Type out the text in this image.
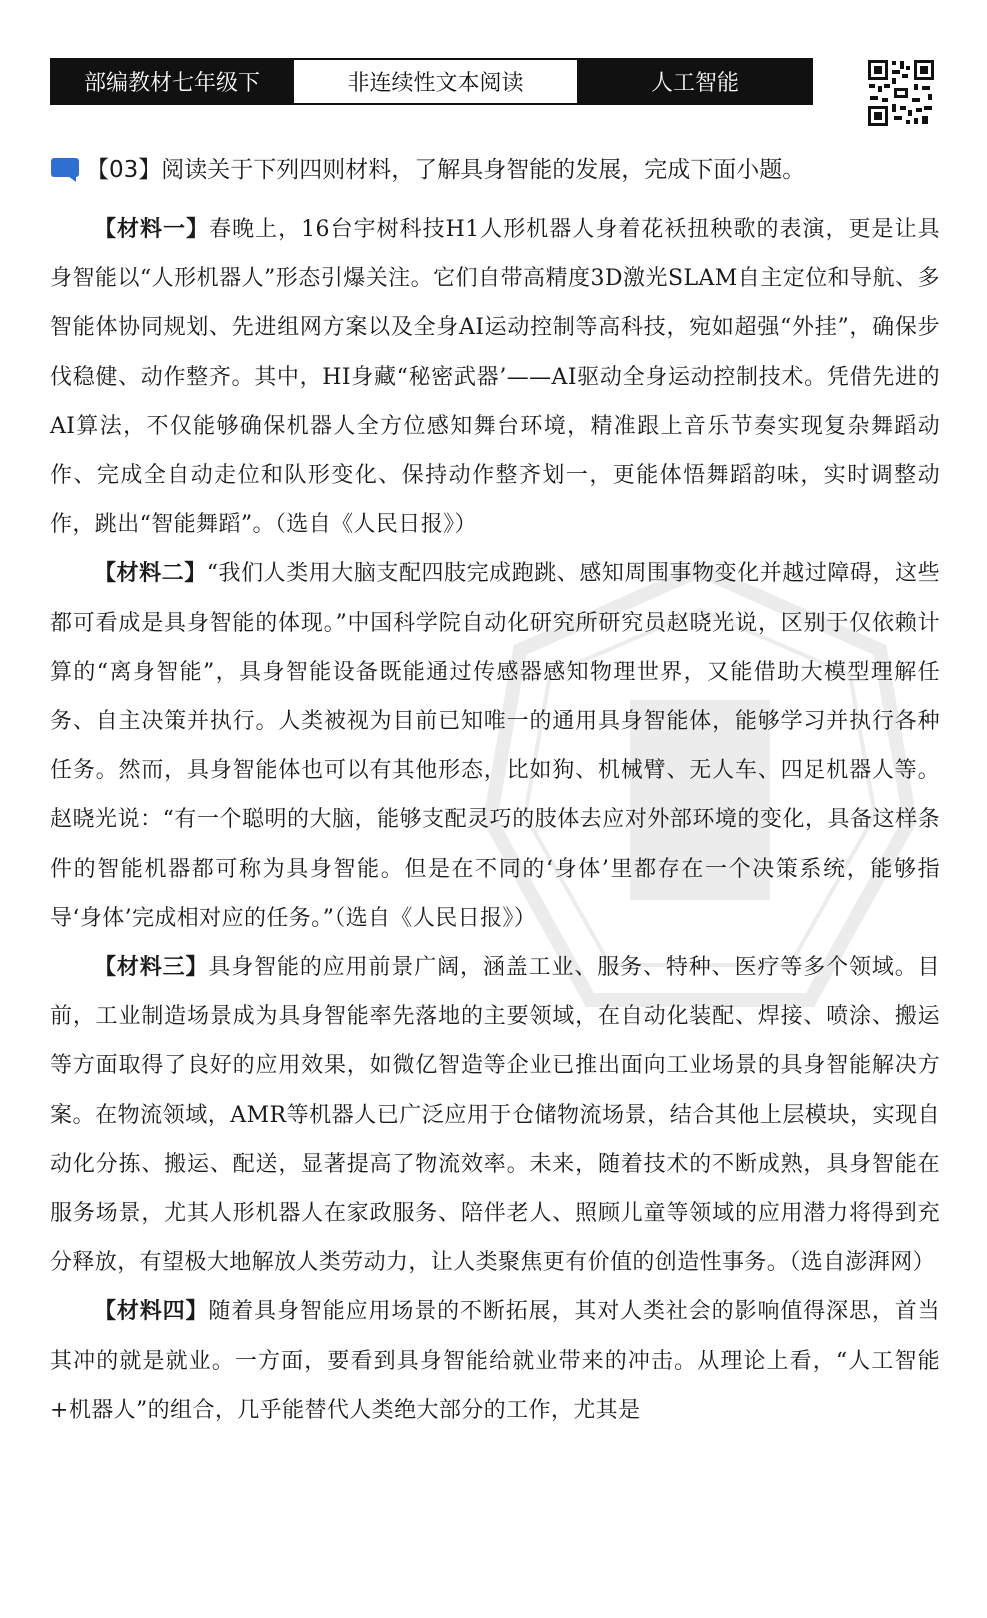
部编教材七年级下	非连续性文本阅读	人工智能
【03】 阅读关于下列四则材料，了解具身智能的发展，完成下面小题。

【材料一】春晚上，16台宇树科技H1人形机器人身着花袄扭秧歌的表演，更是让具身智能以“人形机器人”形态引爆关注。它们自带高精度3D激光SLAM自主定位和导航、多智能体协同规划、先进组网方案以及全身AI运动控制等高科技，宛如超强“外挂”，确保步伐稳健、动作整齐。其中，HI身藏“秘密武器’——AI驱动全身运动控制技术。凭借先进的AI算法，不仅能够确保机器人全方位感知舞台环境，精准跟上音乐节奏实现复杂舞蹈动作、完成全自动走位和队形变化、保持动作整齐划一，更能体悟舞蹈韵味，实时调整动作，跳出“智能舞蹈”。（选自《人民日报》）

【材料二】“我们人类用大脑支配四肢完成跑跳、感知周围事物变化并越过障碍，这些都可看成是具身智能的体现。”中国科学院自动化研究所研究员赵晓光说，区别于仅依赖计算的“离身智能”，具身智能设备既能通过传感器感知物理世界，又能借助大模型理解任务、自主决策并执行。人类被视为目前已知唯一的通用具身智能体，能够学习并执行各种任务。然而，具身智能体也可以有其他形态，比如狗、机械臂、无人车、四足机器人等。赵晓光说：“有一个聪明的大脑，能够支配灵巧的肢体去应对外部环境的变化，具备这样条件的智能机器都可称为具身智能。但是在不同的‘身体’里都存在一个决策系统，能够指导‘身体’完成相对应的任务。”（选自《人民日报》）

【材料三】具身智能的应用前景广阔，涵盖工业、服务、特种、医疗等多个领域。目前，工业制造场景成为具身智能率先落地的主要领域，在自动化装配、焊接、喷涂、搬运等方面取得了良好的应用效果，如微亿智造等企业已推出面向工业场景的具身智能解决方案。在物流领域，AMR等机器人已广泛应用于仓储物流场景，结合其他上层模块，实现自动化分拣、搬运、配送，显著提高了物流效率。未来，随着技术的不断成熟，具身智能在服务场景，尤其人形机器人在家政服务、陪伴老人、照顾儿童等领域的应用潜力将得到充分释放，有望极大地解放人类劳动力，让人类聚焦更有价值的创造性事务。（选自澎湃网）

【材料四】随着具身智能应用场景的不断拓展，其对人类社会的影响值得深思，首当其冲的就是就业。一方面，要看到具身智能给就业带来的冲击。从理论上看，“人工智能+机器人”的组合，几乎能替代人类绝大部分的工作，尤其是
